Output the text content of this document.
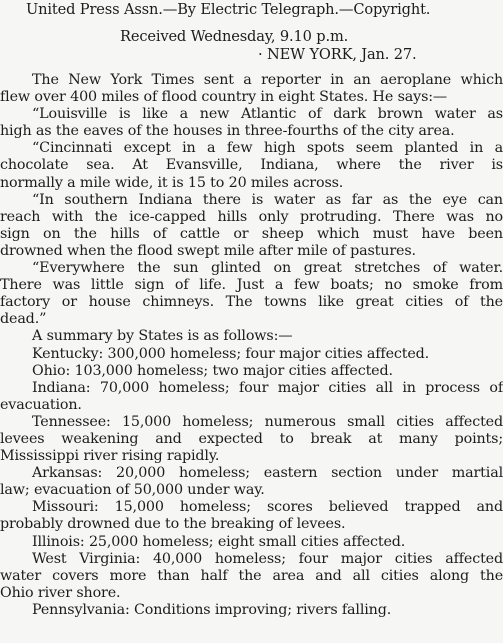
United Press Assn.—By Electric Telegraph.—Copyright.
Received Wednesday, 9.10 p.m.
· NEW YORK, Jan. 27.
The New York Times sent a reporter in an aeroplane which
flew over 400 miles of flood country in eight States. He says:—
“Louisville is like a new Atlantic of dark brown water as
high as the eaves of the houses in three-fourths of the city area.
“Cincinnati except in a few high spots seem planted in a
chocolate sea. At Evansville, Indiana, where the river is
normally a mile wide, it is 15 to 20 miles across.
“In southern Indiana there is water as far as the eye can
reach with the ice-capped hills only protruding. There was no
sign on the hills of cattle or sheep which must have been
drowned when the flood swept mile after mile of pastures.
“Everywhere the sun glinted on great stretches of water.
There was little sign of life. Just a few boats; no smoke from
factory or house chimneys. The towns like great cities of the
dead.”
A summary by States is as follows:—
Kentucky: 300,000 homeless; four major cities affected.
Ohio: 103,000 homeless; two major cities affected.
Indiana: 70,000 homeless; four major cities all in process of
evacuation.
Tennessee: 15,000 homeless; numerous small cities affected
levees weakening and expected to break at many points;
Mississippi river rising rapidly.
Arkansas: 20,000 homeless; eastern section under martial
law; evacuation of 50,000 under way.
Missouri: 15,000 homeless; scores believed trapped and
probably drowned due to the breaking of levees.
Illinois: 25,000 homeless; eight small cities affected.
West Virginia: 40,000 homeless; four major cities affected
water covers more than half the area and all cities along the
Ohio river shore.
Pennsylvania: Conditions improving; rivers falling.
